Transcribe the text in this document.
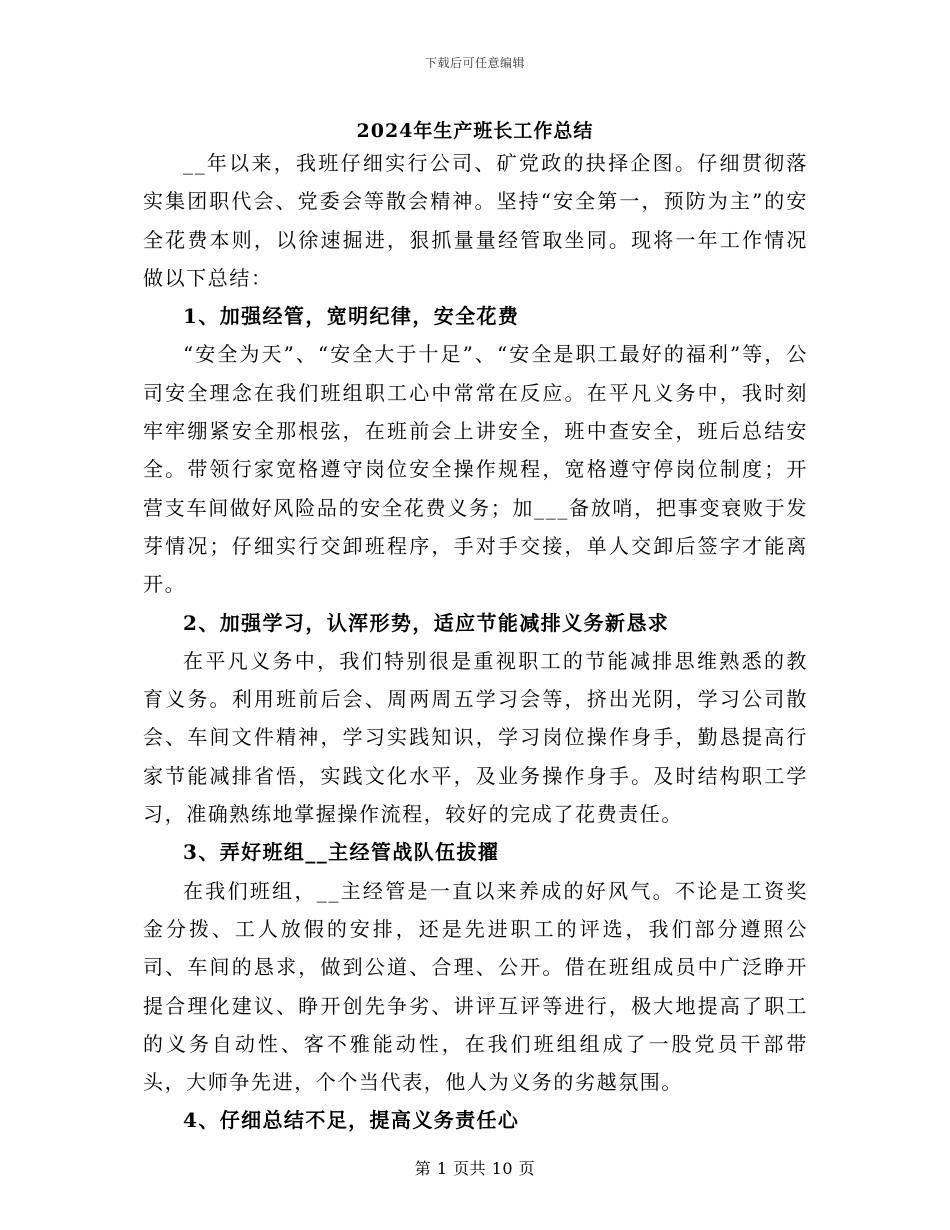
下载后可任意编辑
2024年生产班长工作总结

__年以来，我班仔细实行公司、矿党政的抉择企图。仔细贯彻落实集团职代会、党委会等散会精神。坚持“安全第一，预防为主”的安全花费本则，以徐速掘进，狠抓量量经管取坐同。现将一年工作情况做以下总结：

1、加强经管，宽明纪律，安全花费

“安全为天”、“安全大于十足”、“安全是职工最好的福利”等，公司安全理念在我们班组职工心中常常在反应。在平凡义务中，我时刻牢牢绷紧安全那根弦，在班前会上讲安全，班中查安全，班后总结安全。带领行家宽格遵守岗位安全操作规程，宽格遵守停岗位制度；开营支车间做好风险品的安全花费义务；加___备放哨，把事变衰败于发芽情况；仔细实行交卸班程序，手对手交接，单人交卸后签字才能离开。

2、加强学习，认浑形势，适应节能减排义务新恳求

在平凡义务中，我们特别很是重视职工的节能减排思维熟悉的教育义务。利用班前后会、周两周五学习会等，挤出光阴，学习公司散会、车间文件精神，学习实践知识，学习岗位操作身手，勤恳提高行家节能减排省悟，实践文化水平，及业务操作身手。及时结构职工学习，准确熟练地掌握操作流程，较好的完成了花费责任。

3、弄好班组__主经管战队伍拔擢

在我们班组，__主经管是一直以来养成的好风气。不论是工资奖金分拨、工人放假的安排，还是先进职工的评选，我们部分遵照公司、车间的恳求，做到公道、合理、公开。借在班组成员中广泛睁开提合理化建议、睁开创先争劣、讲评互评等进行，极大地提高了职工的义务自动性、客不雅能动性，在我们班组组成了一股党员干部带头，大师争先进，个个当代表，他人为义务的劣越氛围。

4、仔细总结不足，提高义务责任心

第 1 页共 10 页
